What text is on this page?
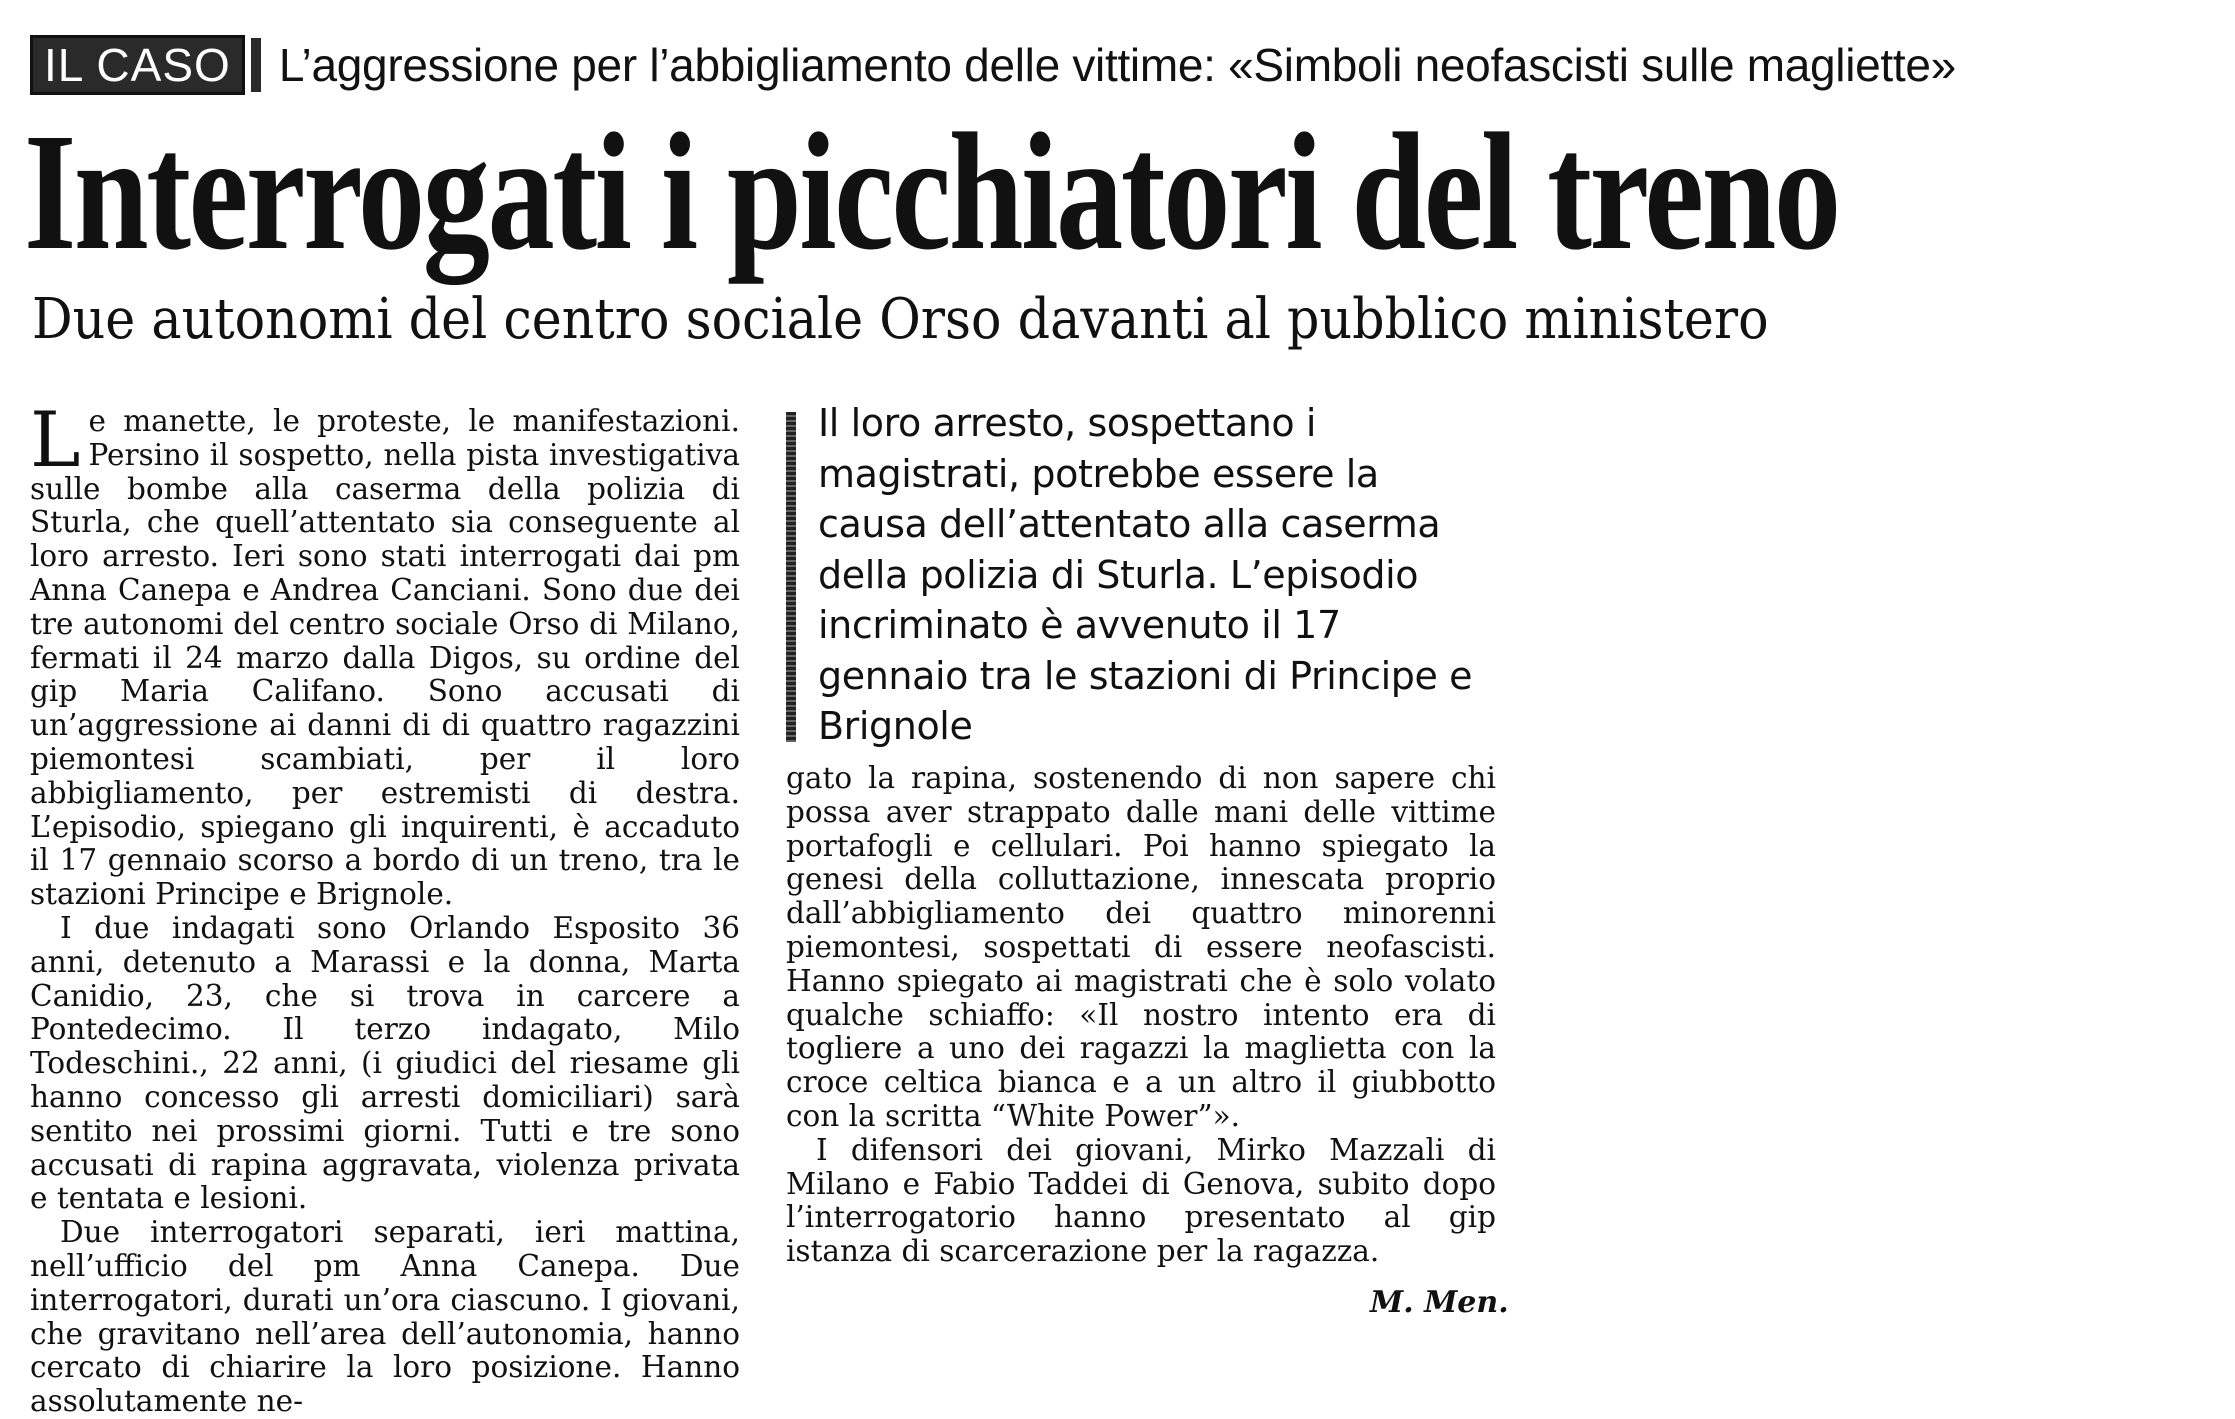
IL CASO	L’aggressione per l’abbigliamento delle vittime: «Simboli neofascisti sulle magliette»
Interrogati i picchiatori del treno
Due autonomi del centro sociale Orso davanti al pubblico ministero

Le manette, le proteste, le manifestazioni. Persino il sospetto, nella pista investigativa sulle bombe alla caserma della polizia di Sturla, che quell’attentato sia conseguente al loro arresto. Ieri sono stati interrogati dai pm Anna Canepa e Andrea Canciani. Sono due dei tre autonomi del centro sociale Orso di Milano, fermati il 24 marzo dalla Digos, su ordine del gip Maria Califano. Sono accusati di un’aggressione ai danni di di quattro ragazzini piemontesi scambiati, per il loro abbigliamento, per estremisti di destra. L’episodio, spiegano gli inquirenti, è accaduto il 17 gennaio scorso a bordo di un treno, tra le stazioni Principe e Brignole.

I due indagati sono Orlando Esposito 36 anni, detenuto a Marassi e la donna, Marta Canidio, 23, che si trova in carcere a Pontedecimo. Il terzo indagato, Milo Todeschini., 22 anni, (i giudici del riesame gli hanno concesso gli arresti domiciliari) sarà sentito nei prossimi giorni. Tutti e tre sono accusati di rapina aggravata, violenza privata e tentata e lesioni.

Due interrogatori separati, ieri mattina, nell’ufficio del pm Anna Canepa. Due interrogatori, durati un’ora ciascuno. I giovani, che gravitano nell’area dell’autonomia, hanno cercato di chiarire la loro posizione. Hanno assolutamente ne-

Il loro arresto, sospettano i magistrati, potrebbe essere la causa dell’attentato alla caserma della polizia di Sturla. L’episodio incriminato è avvenuto il 17 gennaio tra le stazioni di Principe e Brignole

gato la rapina, sostenendo di non sapere chi possa aver strappato dalle mani delle vittime portafogli e cellulari. Poi hanno spiegato la genesi della colluttazione, innescata proprio dall’abbigliamento dei quattro minorenni piemontesi, sospettati di essere neofascisti. Hanno spiegato ai magistrati che è solo volato qualche schiaffo: «Il nostro intento era di togliere a uno dei ragazzi la maglietta con la croce celtica bianca e a un altro il giubbotto con la scritta “White Power”».

I difensori dei giovani, Mirko Mazzali di Milano e Fabio Taddei di Genova, subito dopo l’interrogatorio hanno presentato al gip istanza di scarcerazione per la ragazza.

M. Men.
